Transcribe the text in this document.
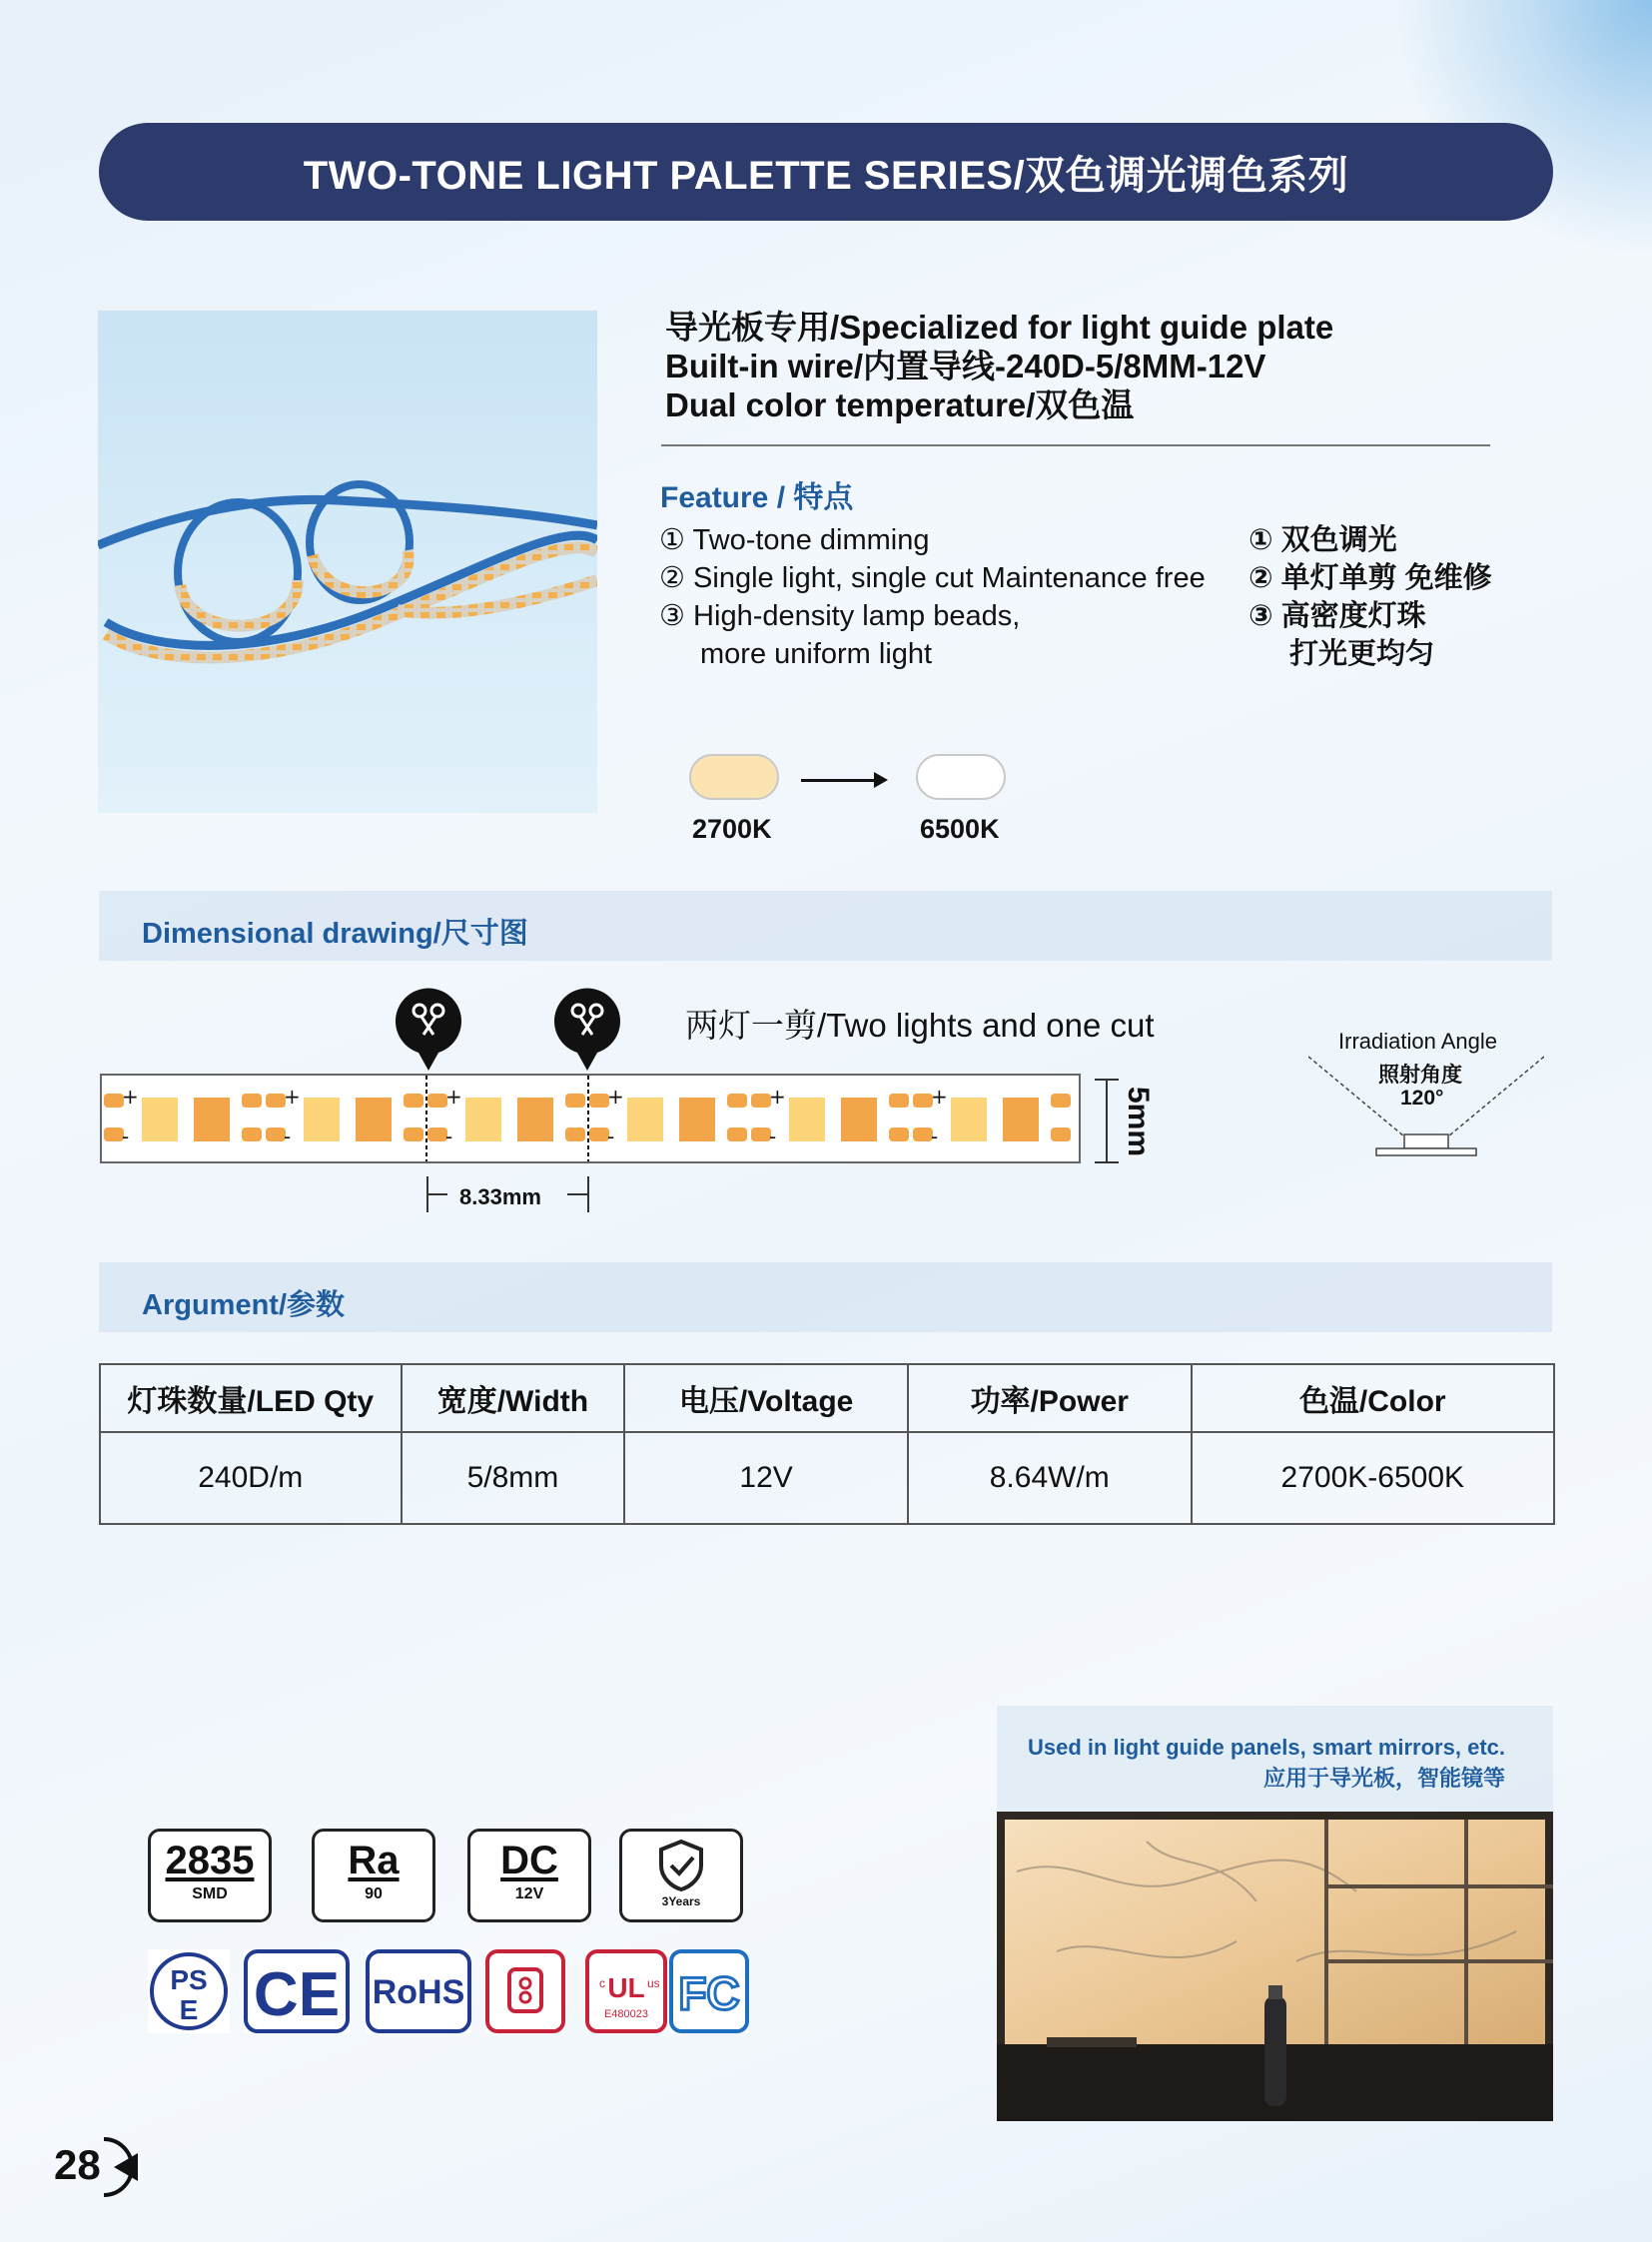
TWO-TONE LIGHT PALETTE SERIES/双色调光调色系列
导光板专用/Specialized for light guide plate
Built-in wire/内置导线-240D-5/8MM-12V
Dual color temperature/双色温
Feature / 特点
① Two-tone dimming
② Single light, single cut Maintenance free
③ High-density lamp beads,
more uniform light
① 双色调光
② 单灯单剪 免维修
③ 高密度灯珠
打光更均匀
2700K	6500K
Dimensional drawing/尺寸图
两灯一剪/Two lights and one cut
+
-
+
-
+
-
+
-
+
-
+
-	5mm
8.33mm
Irradiation Angle
照射角度
120°
Argument/参数
灯珠数量/LED Qty	宽度/Width	电压/Voltage	功率/Power	色温/Color
240D/m	5/8mm	12V	8.64W/m	2700K-6500K
Used in light guide panels, smart mirrors, etc.
应用于导光板，智能镜等
2835
SMD
Ra
90
DC
12V	3Years
PS
E CE RoHS	UL
c	us
E480023 FC
28
